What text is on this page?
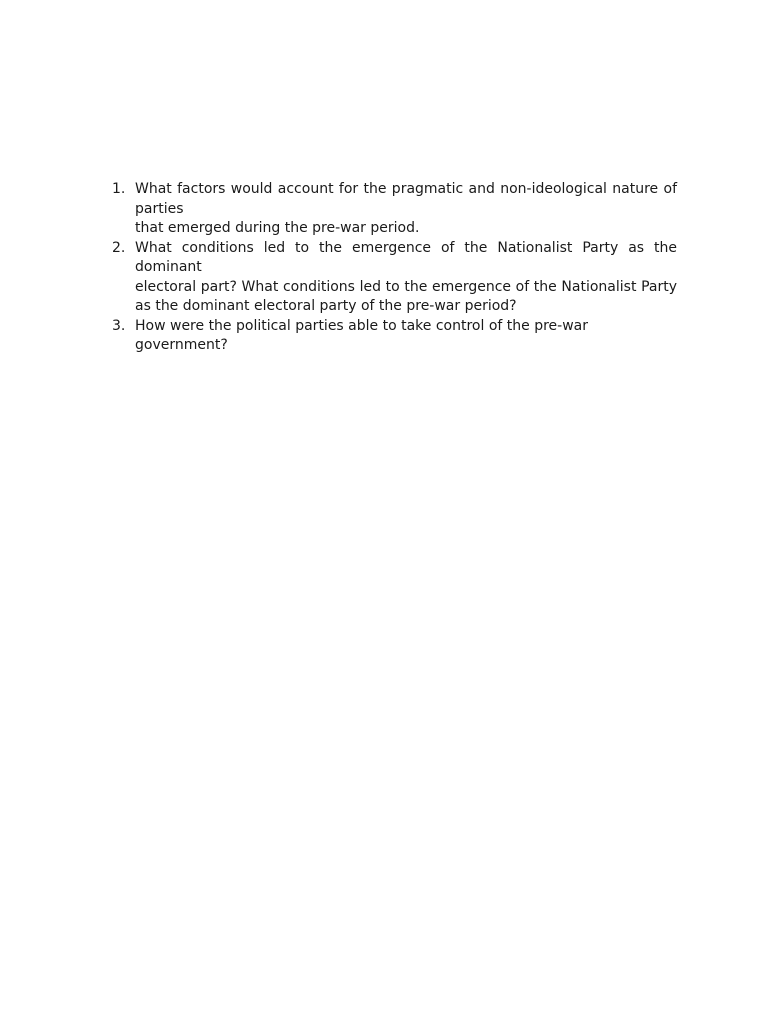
1. What factors would account for the pragmatic and non-ideological nature of
parties
that emerged during the pre-war period.
2. What conditions led to the emergence of the Nationalist Party as the dominant
electoral part? What conditions led to the emergence of the Nationalist Party
as the dominant electoral party of the pre-war period?
3. How were the political parties able to take control of the pre-war government?
